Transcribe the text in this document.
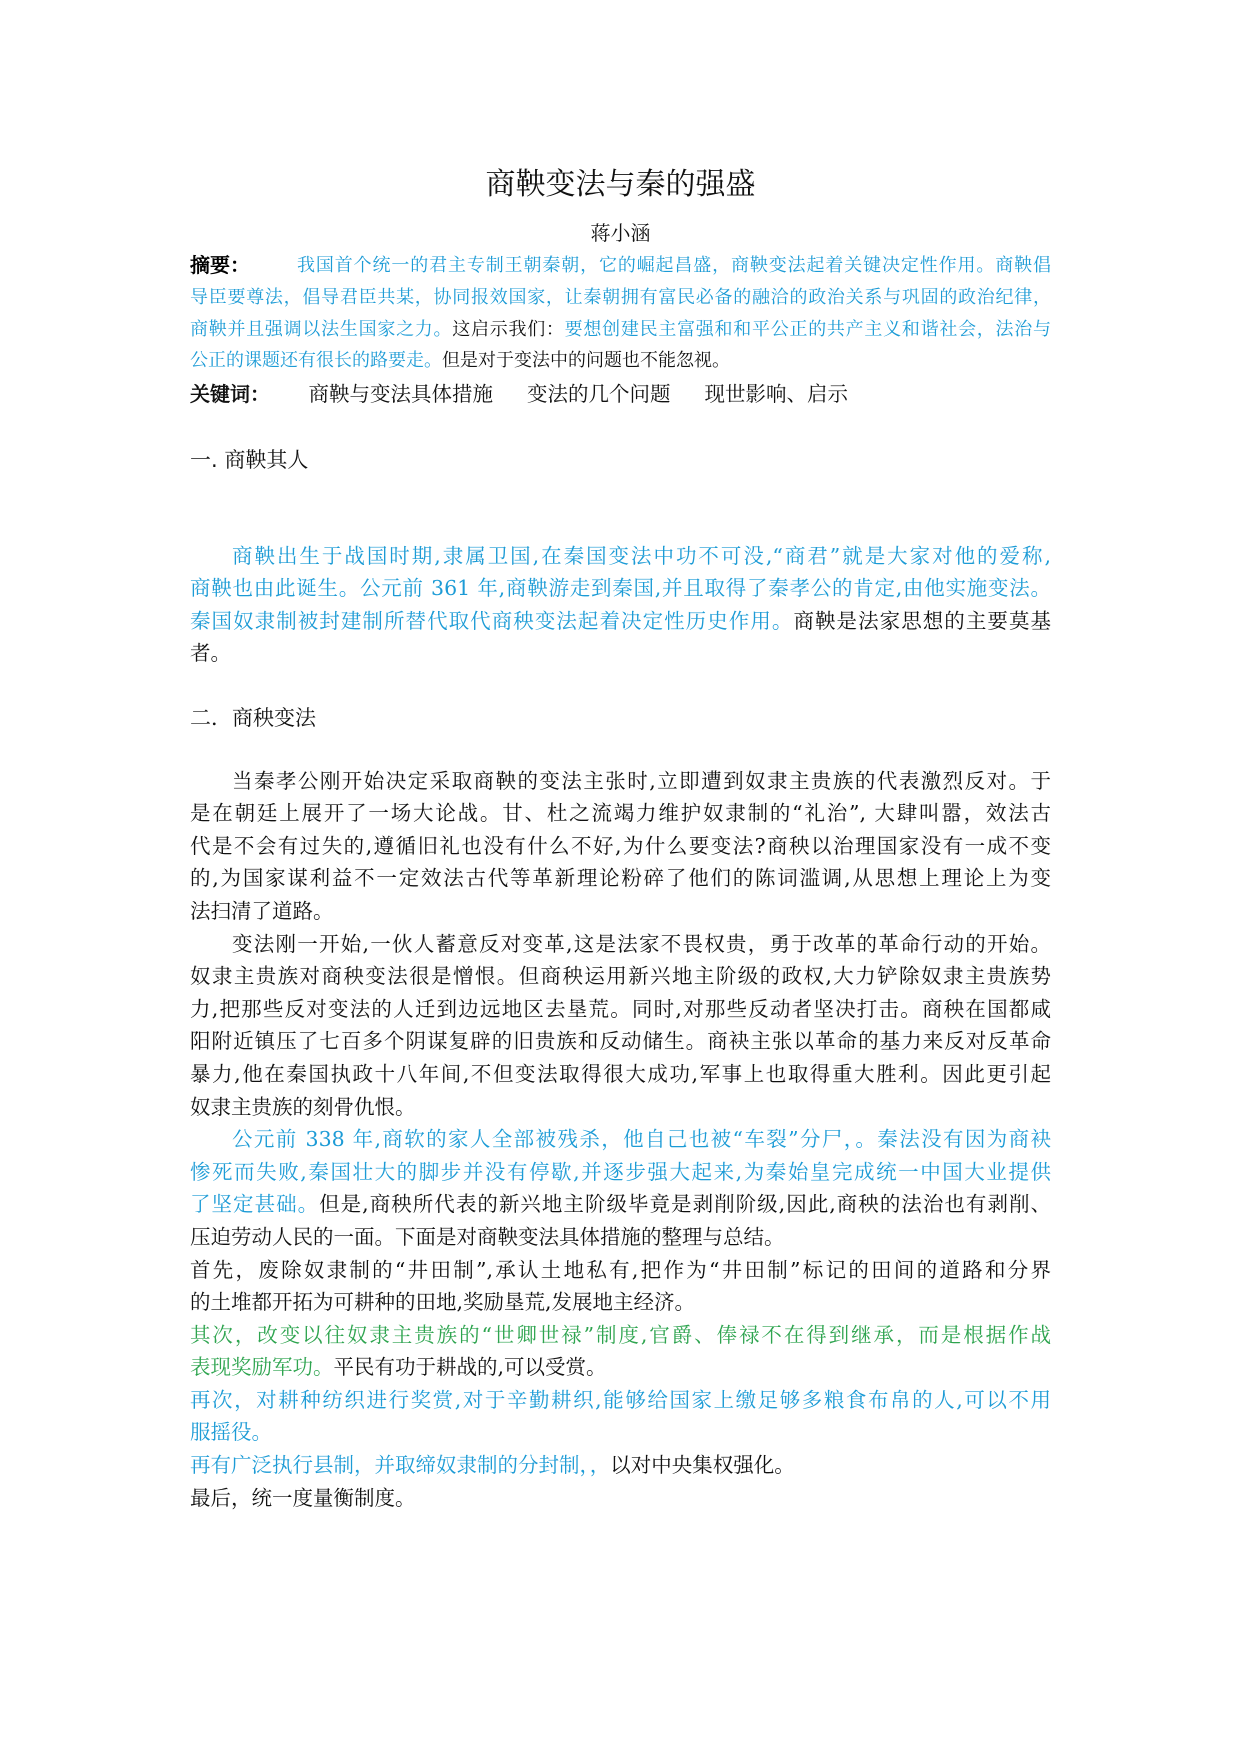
商鞅变法与秦的强盛
蒋小涵
摘要：	我国首个统一的君主专制王朝秦朝，它的崛起昌盛，商鞅变法起着关键决定性作用。商鞅倡
导臣要尊法，倡导君臣共某，协同报效国家，让秦朝拥有富民必备的融洽的政治关系与巩固的政治纪律，
商鞅并且强调以法生国家之力。这启示我们：要想创建民主富强和和平公正的共产主义和谐社会，法治与
公正的课题还有很长的路要走。但是对于变法中的问题也不能忽视。
关键词： 商鞅与变法具体措施 变法的几个问题 现世影响、启示
一. 商鞅其人
商鞅出生于战国时期,隶属卫国,在秦国变法中功不可没,“商君”就是大家对他的爱称,
商鞅也由此诞生。公元前 361 年,商鞅游走到秦国,并且取得了秦孝公的肯定,由他实施变法。
秦国奴隶制被封建制所替代取代商秧变法起着决定性历史作用。商鞅是法家思想的主要莫基
者。
二．商秧变法
当秦孝公刚开始决定采取商鞅的变法主张时,立即遭到奴隶主贵族的代表激烈反对。于
是在朝廷上展开了一场大论战。甘、杜之流竭力维护奴隶制的“礼治”, 大肆叫嚣，效法古
代是不会有过失的,遵循旧礼也没有什么不好,为什么要变法?商秧以治理国家没有一成不变
的,为国家谋利益不一定效法古代等革新理论粉碎了他们的陈词滥调,从思想上理论上为变
法扫清了道路。
变法刚一开始,一伙人蓄意反对变革,这是法家不畏权贵，勇于改革的革命行动的开始。
奴隶主贵族对商秧变法很是憎恨。但商秧运用新兴地主阶级的政权,大力铲除奴隶主贵族势
力,把那些反对变法的人迁到边远地区去垦荒。同时,对那些反动者坚决打击。商秧在国都咸
阳附近镇压了七百多个阴谋复辟的旧贵族和反动储生。商袂主张以革命的基力来反对反革命
暴力,他在秦国执政十八年间,不但变法取得很大成功,军事上也取得重大胜利。因此更引起
奴隶主贵族的刻骨仇恨。
公元前 338 年,商软的家人全部被残杀，他自己也被“车裂”分尸，。秦法没有因为商袂
惨死而失败,秦国壮大的脚步并没有停歇,并逐步强大起来,为秦始皇完成统一中国大业提供
了坚定甚础。但是,商秧所代表的新兴地主阶级毕竟是剥削阶级,因此,商秧的法治也有剥削、
压迫劳动人民的一面。下面是对商鞅变法具体措施的整理与总结。
首先，废除奴隶制的“井田制”,承认土地私有,把作为“井田制”标记的田间的道路和分界
的土堆都开拓为可耕种的田地,奖励垦荒,发展地主经济。
其次，改变以往奴隶主贵族的“世卿世禄”制度,官爵、俸禄不在得到继承，而是根据作战
表现奖励军功。平民有功于耕战的,可以受赏。
再次，对耕种纺织进行奖赏,对于辛勤耕织,能够给国家上缴足够多粮食布帛的人,可以不用
服摇役。
再有广泛执行县制，并取缔奴隶制的分封制，，以对中央集权强化。
最后，统一度量衡制度。
